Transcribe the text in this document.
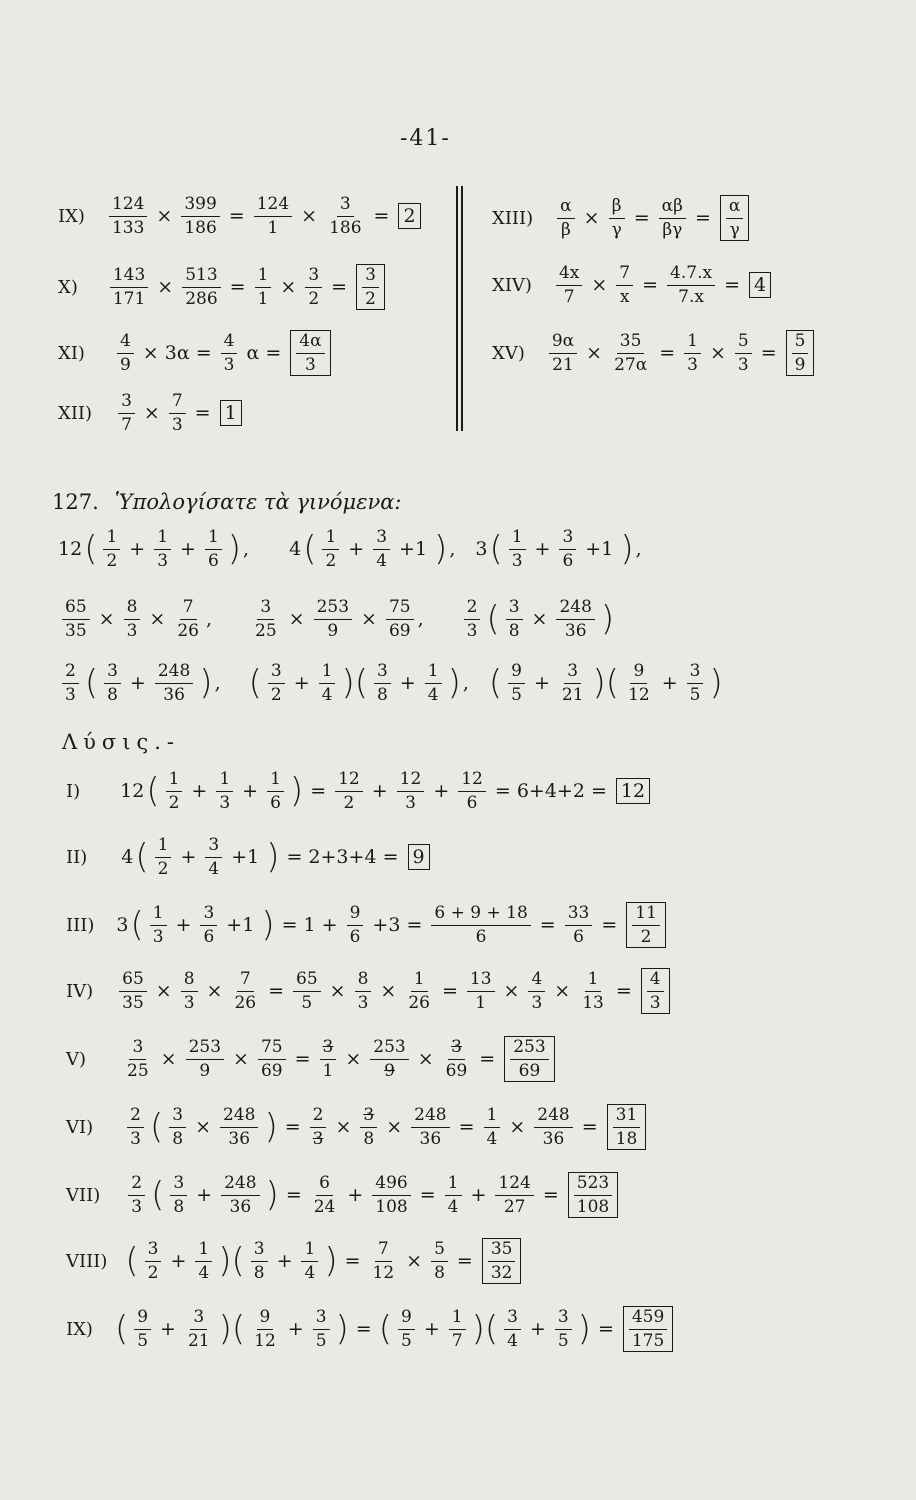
-41-
$IX) \frac{124}{133} \times \frac{399}{186} = \frac{124}{1} \times \frac{3}{186} = 2$
$X) \frac{143}{171} \times \frac{513}{286} = \frac{1}{1} \times \frac{3}{2} = \frac{3}{2}$
$XI) \frac{4}{9} \times 3\alpha = \frac{4}{3}$ $\alpha = \frac{4\alpha}{3}$
$XII) \frac{3}{7} \times \frac{7}{3} = 1$
XIII) $\frac{\alpha}{\beta} \times \frac{\beta}{\gamma} = \frac{\alpha\beta}{\beta\gamma} = \frac{\alpha}{\gamma}$
$XIV) \frac{4x}{7} \times \frac{7}{x} = \frac{4.7.x}{7.x} = 4$
$XV) \frac{9\alpha}{21} \times \frac{35}{27\alpha} = \frac{1}{3} \times \frac{5}{3} = \frac{5}{9}$
127. Ὑπολογίσατε τὰ γινόμενα:
12 ( $\frac{1}{2} + \frac{1}{3} + \frac{1}{6}$ ) , 4 ( $\frac{1}{2} + \frac{3}{4} +1$ ) , 3 ( $\frac{1}{3} + \frac{3}{6} +1$ ) ,
$\frac{65}{35} \times \frac{8}{3} \times \frac{7}{26}$ , $\frac{3}{25} \times \frac{253}{9} \times \frac{75}{69}$ , $\frac{2}{3}$ ( $\frac{3}{8} \times \frac{248}{36}$ )
$\frac{2}{3}$ ( $\frac{3}{8} + \frac{248}{36}$ ) , ( $\frac{3}{2} + \frac{1}{4}$ )( $\frac{3}{8} + \frac{1}{4}$ ) , ( $\frac{9}{5} + \frac{3}{21}$ )( $\frac{9}{12} + \frac{3}{5}$ )
Λύσις.-
I) 12 ( $\frac{1}{2} + \frac{1}{3} + \frac{1}{6}$ ) = $\frac{12}{2} + \frac{12}{3} + \frac{12}{6} = 6+4+2 = 12$
II) 4 ( $\frac{1}{2} + \frac{3}{4} +1$ ) = 2+3+4 = 9
III) 3 ( $\frac{1}{3} + \frac{3}{6} +1$ ) = $1 + \frac{9}{6} +3 = \frac{6 + 9 + 18}{6} = \frac{33}{6} = \frac{11}{2}$
$IV) \frac{65}{35} \times \frac{8}{3} \times \frac{7}{26} = \frac{65}{5} \times \frac{8}{3} \times \frac{1}{26} = \frac{13}{1} \times \frac{4}{3} \times \frac{1}{13} = \frac{4}{3}$
$V) \frac{3}{25} \times \frac{253}{9} \times \frac{75}{69} = \frac{3}{1} \times \frac{253}{9} \times \frac{3}{69} = \frac{253}{69}$
$VI) \frac{2}{3}$ ( $\frac{3}{8} \times \frac{248}{36}$ ) = $\frac{2}{3} \times \frac{3}{8} \times \frac{248}{36} = \frac{1}{4} \times \frac{248}{36} = \frac{31}{18}$
$VII) \frac{2}{3}$ ( $\frac{3}{8} + \frac{248}{36}$ ) = $\frac{6}{24} + \frac{496}{108} = \frac{1}{4} + \frac{124}{27} = \frac{523}{108}$
VIII) ( $\frac{3}{2} + \frac{1}{4}$ )( $\frac{3}{8} + \frac{1}{4}$ ) = $\frac{7}{12} \times \frac{5}{8} = \frac{35}{32}$
IX) ( $\frac{9}{5} + \frac{3}{21}$ )( $\frac{9}{12} + \frac{3}{5}$ ) = ( $\frac{9}{5} + \frac{1}{7}$ )( $\frac{3}{4} + \frac{3}{5}$ ) = $\frac{459}{175}$
